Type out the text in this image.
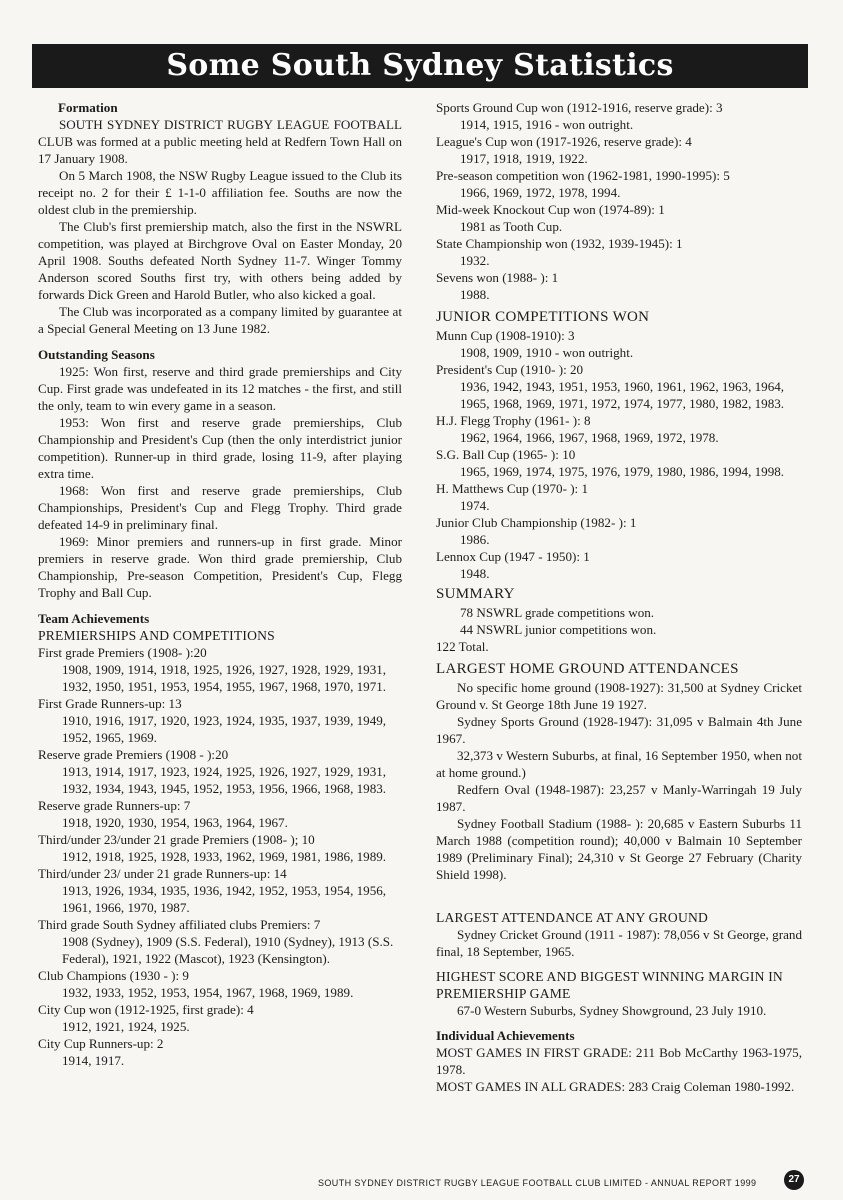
Some South Sydney Statistics

Formation

SOUTH SYDNEY DISTRICT RUGBY LEAGUE FOOTBALL CLUB was formed at a public meeting held at Redfern Town Hall on 17 January 1908.

On 5 March 1908, the NSW Rugby League issued to the Club its receipt no. 2 for their £ 1-1-0 affiliation fee. Souths are now the oldest club in the premiership.

The Club's first premiership match, also the first in the NSWRL competition, was played at Birchgrove Oval on Easter Monday, 20 April 1908. Souths defeated North Sydney 11-7. Winger Tommy Anderson scored Souths first try, with others being added by forwards Dick Green and Harold Butler, who also kicked a goal.

The Club was incorporated as a company limited by guarantee at a Special General Meeting on 13 June 1982.

Outstanding Seasons

1925: Won first, reserve and third grade premierships and City Cup. First grade was undefeated in its 12 matches - the first, and still the only, team to win every game in a season.

1953: Won first and reserve grade premierships, Club Championship and President's Cup (then the only interdistrict junior competition). Runner-up in third grade, losing 11-9, after playing extra time.

1968: Won first and reserve grade premierships, Club Championships, President's Cup and Flegg Trophy. Third grade defeated 14-9 in preliminary final.

1969: Minor premiers and runners-up in first grade. Minor premiers in reserve grade. Won third grade premiership, Club Championship, Pre-season Competition, President's Cup, Flegg Trophy and Ball Cup.

Team Achievements

PREMIERSHIPS AND COMPETITIONS

First grade Premiers (1908- ):20

1908, 1909, 1914, 1918, 1925, 1926, 1927, 1928, 1929, 1931, 1932, 1950, 1951, 1953, 1954, 1955, 1967, 1968, 1970, 1971.

First Grade Runners-up: 13

1910, 1916, 1917, 1920, 1923, 1924, 1935, 1937, 1939, 1949, 1952, 1965, 1969.

Reserve grade Premiers (1908 - ):20

1913, 1914, 1917, 1923, 1924, 1925, 1926, 1927, 1929, 1931, 1932, 1934, 1943, 1945, 1952, 1953, 1956, 1966, 1968, 1983.

Reserve grade Runners-up: 7

1918, 1920, 1930, 1954, 1963, 1964, 1967.

Third/under 23/under 21 grade Premiers (1908- ); 10

1912, 1918, 1925, 1928, 1933, 1962, 1969, 1981, 1986, 1989.

Third/under 23/ under 21 grade Runners-up: 14

1913, 1926, 1934, 1935, 1936, 1942, 1952, 1953, 1954, 1956, 1961, 1966, 1970, 1987.

Third grade South Sydney affiliated clubs Premiers: 7

1908 (Sydney), 1909 (S.S. Federal), 1910 (Sydney), 1913 (S.S. Federal), 1921, 1922 (Mascot), 1923 (Kensington).

Club Champions (1930 - ): 9

1932, 1933, 1952, 1953, 1954, 1967, 1968, 1969, 1989.

City Cup won (1912-1925, first grade): 4

1912, 1921, 1924, 1925.

City Cup Runners-up: 2

1914, 1917.

Sports Ground Cup won (1912-1916, reserve grade): 3

1914, 1915, 1916 - won outright.

League's Cup won (1917-1926, reserve grade): 4

1917, 1918, 1919, 1922.

Pre-season competition won (1962-1981, 1990-1995): 5

1966, 1969, 1972, 1978, 1994.

Mid-week Knockout Cup won (1974-89): 1

1981 as Tooth Cup.

State Championship won (1932, 1939-1945): 1

1932.

Sevens won (1988- ): 1

1988.

JUNIOR COMPETITIONS WON

Munn Cup (1908-1910): 3

1908, 1909, 1910 - won outright.

President's Cup (1910- ): 20

1936, 1942, 1943, 1951, 1953, 1960, 1961, 1962, 1963, 1964, 1965, 1968, 1969, 1971, 1972, 1974, 1977, 1980, 1982, 1983.

H.J. Flegg Trophy (1961- ): 8

1962, 1964, 1966, 1967, 1968, 1969, 1972, 1978.

S.G. Ball Cup (1965- ): 10

1965, 1969, 1974, 1975, 1976, 1979, 1980, 1986, 1994, 1998.

H. Matthews Cup (1970- ): 1

1974.

Junior Club Championship (1982- ): 1

1986.

Lennox Cup (1947 - 1950): 1

1948.

SUMMARY

78 NSWRL grade competitions won.

44 NSWRL junior competitions won.

122 Total.

LARGEST HOME GROUND ATTENDANCES

No specific home ground (1908-1927): 31,500 at Sydney Cricket Ground v. St George 18th June 19 1927.

Sydney Sports Ground (1928-1947): 31,095 v Balmain 4th June 1967.

32,373 v Western Suburbs, at final, 16 September 1950, when not at home ground.)

Redfern Oval (1948-1987): 23,257 v Manly-Warringah 19 July 1987.

Sydney Football Stadium (1988- ): 20,685 v Eastern Suburbs 11 March 1988 (competition round); 40,000 v Balmain 10 September 1989 (Preliminary Final); 24,310 v St George 27 February (Charity Shield 1998).

LARGEST ATTENDANCE AT ANY GROUND

Sydney Cricket Ground (1911 - 1987): 78,056 v St George, grand final, 18 September, 1965.

HIGHEST SCORE AND BIGGEST WINNING MARGIN IN PREMIERSHIP GAME

67-0 Western Suburbs, Sydney Showground, 23 July 1910.

Individual Achievements

MOST GAMES IN FIRST GRADE: 211 Bob McCarthy 1963-1975, 1978.

MOST GAMES IN ALL GRADES: 283 Craig Coleman 1980-1992.

SOUTH SYDNEY DISTRICT RUGBY LEAGUE FOOTBALL CLUB LIMITED - ANNUAL REPORT 1999	27
